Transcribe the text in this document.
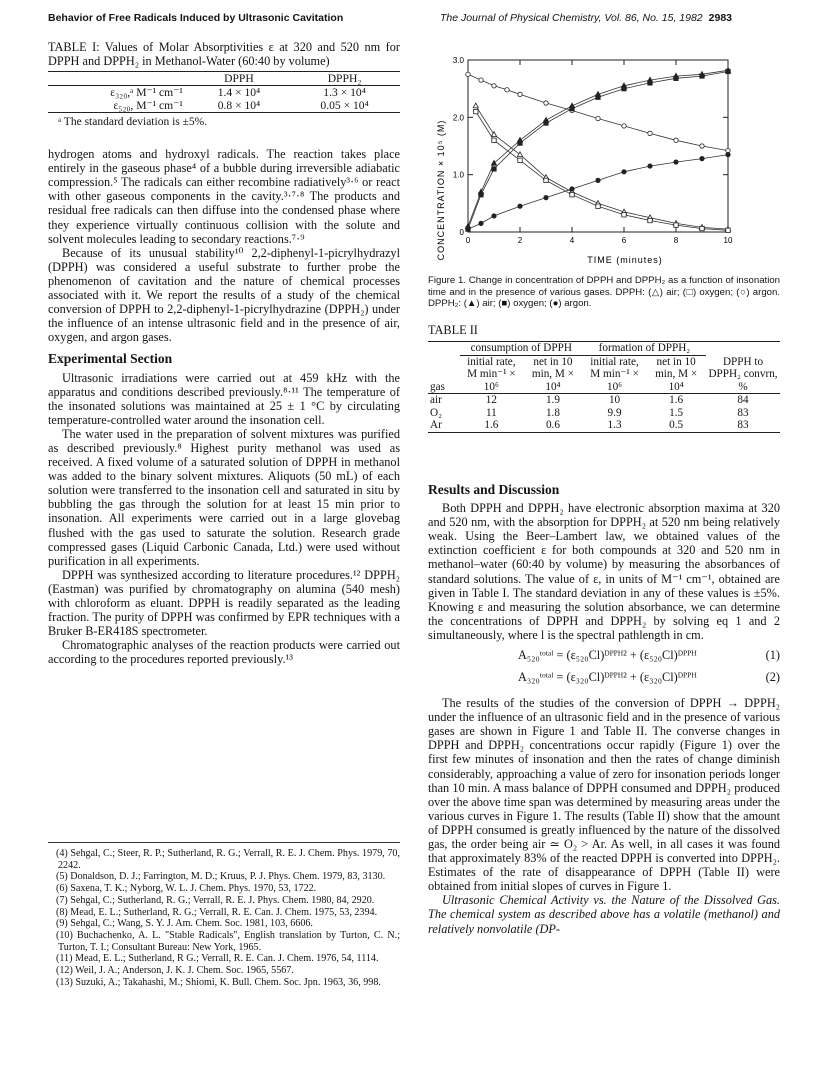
Behavior of Free Radicals Induced by Ultrasonic Cavitation	The Journal of Physical Chemistry, Vol. 86, No. 15, 1982 2983
TABLE I: Values of Molar Absorptivities ε at 320 and 520 nm for DPPH and DPPH₂ in Methanol-Water (60:40 by volume)
	DPPH	DPPH₂
ε₃₂₀,ᵃ M⁻¹ cm⁻¹	1.4 × 10⁴	1.3 × 10⁴
ε₅₂₀, M⁻¹ cm⁻¹	0.8 × 10⁴	0.05 × 10⁴
ᵃ The standard deviation is ±5%.

hydrogen atoms and hydroxyl radicals. The reaction takes place entirely in the gaseous phase⁴ of a bubble during irreversible adiabatic compression.⁵ The radicals can either recombine radiatively³·⁶ or react with other gaseous components in the cavity.³·⁷·⁸ The products and residual free radicals can then diffuse into the condensed phase where they experience virtually continuous collision with the solute and solvent molecules leading to secondary reactions.⁷·⁹

Because of its unusual stability¹⁰ 2,2-diphenyl-1-picrylhydrazyl (DPPH) was considered a useful substrate to further probe the phenomenon of cavitation and the nature of chemical processes associated with it. We report the results of a study of the chemical conversion of DPPH to 2,2-diphenyl-1-picrylhydrazine (DPPH₂) under the influence of an intense ultrasonic field and in the presence of air, oxygen, and argon gases.

Experimental Section

Ultrasonic irradiations were carried out at 459 kHz with the apparatus and conditions described previously.⁸·¹¹ The temperature of the insonated solutions was maintained at 25 ± 1 °C by circulating temperature-controlled water around the insonation cell.

The water used in the preparation of solvent mixtures was purified as described previously.⁸ Highest purity methanol was used as received. A fixed volume of a saturated solution of DPPH in methanol was added to the binary solvent mixtures. Aliquots (50 mL) of each solution were transferred to the insonation cell and saturated in situ by bubbling the gas through the solution for at least 15 min prior to insonation. All experiments were carried out in a large glovebag flushed with the gas used to saturate the solution. Research grade compressed gases (Liquid Carbonic Canada, Ltd.) were used without purification in all experiments.

DPPH was synthesized according to literature procedures.¹² DPPH₂ (Eastman) was purified by chromatography on alumina (540 mesh) with chloroform as eluant. DPPH is readily separated as the leading fraction. The purity of DPPH was confirmed by EPR techniques with a Bruker B-ER418S spectrometer.

Chromatographic analyses of the reaction products were carried out according to the procedures reported previously.¹³

(4) Sehgal, C.; Steer, R. P.; Sutherland, R. G.; Verrall, R. E. J. Chem. Phys. 1979, 70, 2242.
(5) Donaldson, D. J.; Farrington, M. D.; Kruus, P. J. Phys. Chem. 1979, 83, 3130.
(6) Saxena, T. K.; Nyborg, W. L. J. Chem. Phys. 1970, 53, 1722.
(7) Sehgal, C.; Sutherland, R. G.; Verrall, R. E. J. Phys. Chem. 1980, 84, 2920.
(8) Mead, E. L.; Sutherland, R. G.; Verrall, R. E. Can. J. Chem. 1975, 53, 2394.
(9) Sehgal, C.; Wang, S. Y. J. Am. Chem. Soc. 1981, 103, 6606.
(10) Buchachenko, A. L. "Stable Radicals", English translation by Turton, C. N.; Turton, T. I.; Consultant Bureau: New York, 1965.
(11) Mead, E. L.; Sutherland, R G.; Verrall, R. E. Can. J. Chem. 1976, 54, 1114.
(12) Weil, J. A.; Anderson, J. K. J. Chem. Soc. 1965, 5567.
(13) Suzuki, A.; Takahashi, M.; Shiomi, K. Bull. Chem. Soc. Jpn. 1963, 36, 998.
CONCENTRATION × 10⁵ (M)	TIME (minutes)
0	2	4	6	8	10
0
1.0
2.0
3.0
Figure 1. Change in concentration of DPPH and DPPH₂ as a function of insonation time and in the presence of various gases. DPPH: (△) air; (□) oxygen; (○) argon. DPPH₂: (▲) air; (■) oxygen; (●) argon.
TABLE II
	consumption of DPPH		formation of DPPH₂		
gas	initial rate, M min⁻¹ × 10⁶	net in 10 min, M × 10⁴	initial rate, M min⁻¹ × 10⁶	net in 10 min, M × 10⁴	DPPH to DPPH₂ convrn, %
air	12	1.9	10	1.6	84
O₂	11	1.8	9.9	1.5	83
Ar	1.6	0.6	1.3	0.5	83
Results and Discussion

Both DPPH and DPPH₂ have electronic absorption maxima at 320 and 520 nm, with the absorption for DPPH₂ at 520 nm being relatively weak. Using the Beer–Lambert law, we obtained values of the extinction coefficient ε for both compounds at 320 and 520 nm in methanol–water (60:40 by volume) by measuring the absorbances of standard solutions. The value of ε, in units of M⁻¹ cm⁻¹, obtained are given in Table I. The standard deviation in any of these values is ±5%. Knowing ε and measuring the solution absorbance, we can determine the concentrations of DPPH and DPPH₂ by solving eq 1 and 2 simultaneously, where l is the spectral pathlength in cm.

A₅₂₀ᵗᵒᵗᵃˡ = (ε₅₂₀Cl)ᴰᴾᴾᴴ² + (ε₅₂₀Cl)ᴰᴾᴾᴴ	(1)
A₃₂₀ᵗᵒᵗᵃˡ = (ε₃₂₀Cl)ᴰᴾᴾᴴ² + (ε₃₂₀Cl)ᴰᴾᴾᴴ	(2)

The results of the studies of the conversion of DPPH → DPPH₂ under the influence of an ultrasonic field and in the presence of various gases are shown in Figure 1 and Table II. The converse changes in DPPH and DPPH₂ concentrations occur rapidly (Figure 1) over the first few minutes of insonation and then the rates of change diminish considerably, approaching a value of zero for insonation periods longer than 10 min. A mass balance of DPPH consumed and DPPH₂ produced over the above time span was determined by measuring areas under the various curves in Figure 1. The results (Table II) show that the amount of DPPH consumed is greatly influenced by the nature of the dissolved gas, the order being air ≃ O₂ > Ar. As well, in all cases it was found that approximately 83% of the reacted DPPH is converted into DPPH₂. Estimates of the rate of disappearance of DPPH (Table II) were obtained from initial slopes of curves in Figure 1.

Ultrasonic Chemical Activity vs. the Nature of the Dissolved Gas. The chemical system as described above has a volatile (methanol) and relatively nonvolatile (DP-
